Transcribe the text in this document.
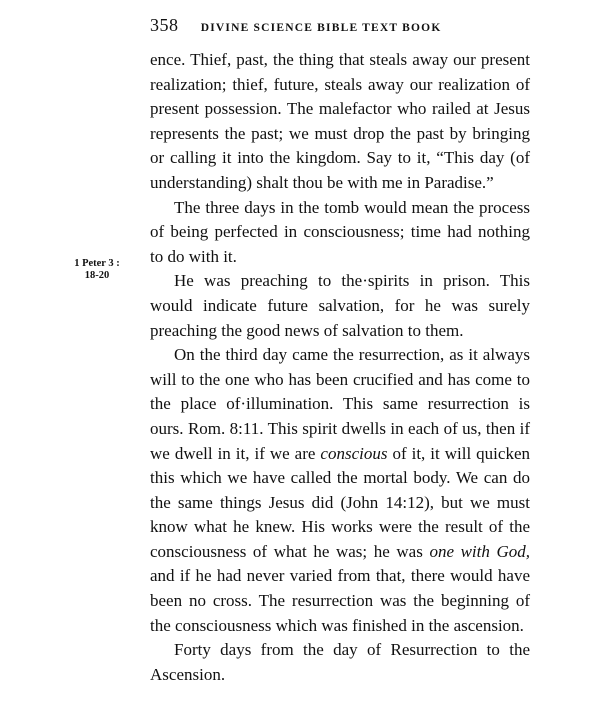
358 DIVINE SCIENCE BIBLE TEXT BOOK
1 Peter 3 :
18-20

ence. Thief, past, the thing that steals away our present realization; thief, future, steals away our realization of present possession. The malefactor who railed at Jesus represents the past; we must drop the past by bringing or calling it into the kingdom. Say to it, “This day (of understanding) shalt thou be with me in Paradise.”

The three days in the tomb would mean the process of being perfected in consciousness; time had nothing to do with it.

He was preaching to the·spirits in prison. This would indicate future salvation, for he was surely preaching the good news of salvation to them.

On the third day came the resurrection, as it always will to the one who has been crucified and has come to the place of·illumination. This same resurrection is ours. Rom. 8:11. This spirit dwells in each of us, then if we dwell in it, if we are conscious of it, it will quicken this which we have called the mortal body. We can do the same things Jesus did (John 14:12), but we must know what he knew. His works were the result of the consciousness of what he was; he was one with God, and if he had never varied from that, there would have been no cross. The resurrection was the beginning of the consciousness which was finished in the ascension.

Forty days from the day of Resurrection to the Ascension.
